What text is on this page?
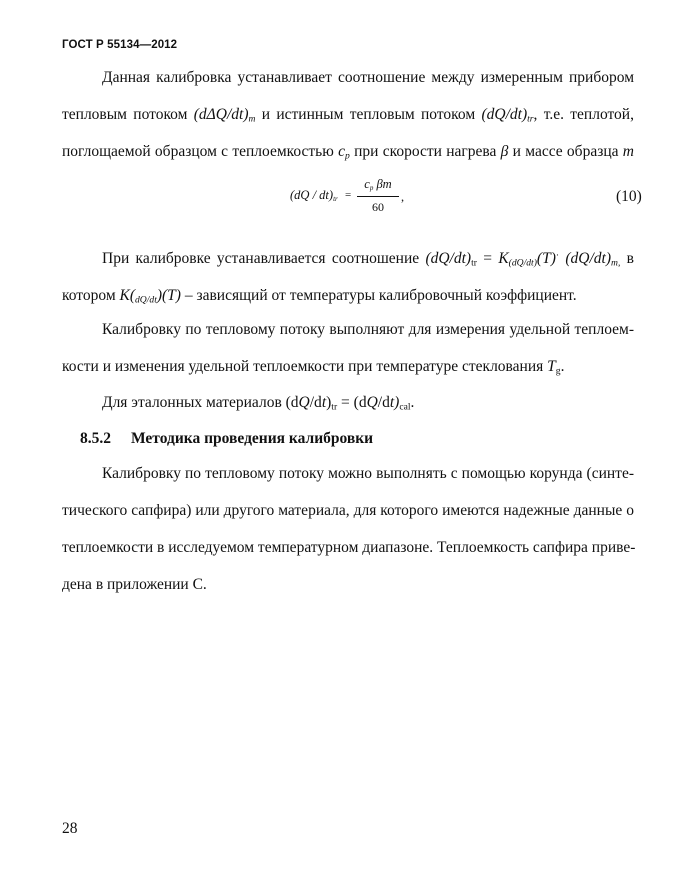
ГОСТ Р 55134—2012
Данная калибровка устанавливает соотношение между измеренным прибором
тепловым потоком $(d\Delta Q/dt)_m$ и истинным тепловым потоком $(dQ/dt)_{tr}$, т.е. теплотой,
поглощаемой образцом с теплоемкостью $c_p$ при скорости нагрева β и массе образца m
$(dQ / dt)_{tr}$ =
$c_p$ βm
60
,	(10)
При калибровке устанавливается соотношение $(dQ/dt)_{tr} = K_{(dQ/dt)}(T)^\cdot$ $(dQ/dt)_{m,}$ в
котором $K(_{dQ/dt})(T)$ – зависящий от температуры калибровочный коэффициент.
Калибровку по тепловому потоку выполняют для измерения удельной теплоем-
кости и изменения удельной теплоемкости при температуре стеклования $T_g$.
Для эталонных материалов $(dQ/dt)_{tr} = (dQ/dt)_{cal}$.
8.5.2 Методика проведения калибровки
Калибровку по тепловому потоку можно выполнять с помощью корунда (синте-
тического сапфира) или другого материала, для которого имеются надежные данные о
теплоемкости в исследуемом температурном диапазоне. Теплоемкость сапфира приве-
дена в приложении С.
28
